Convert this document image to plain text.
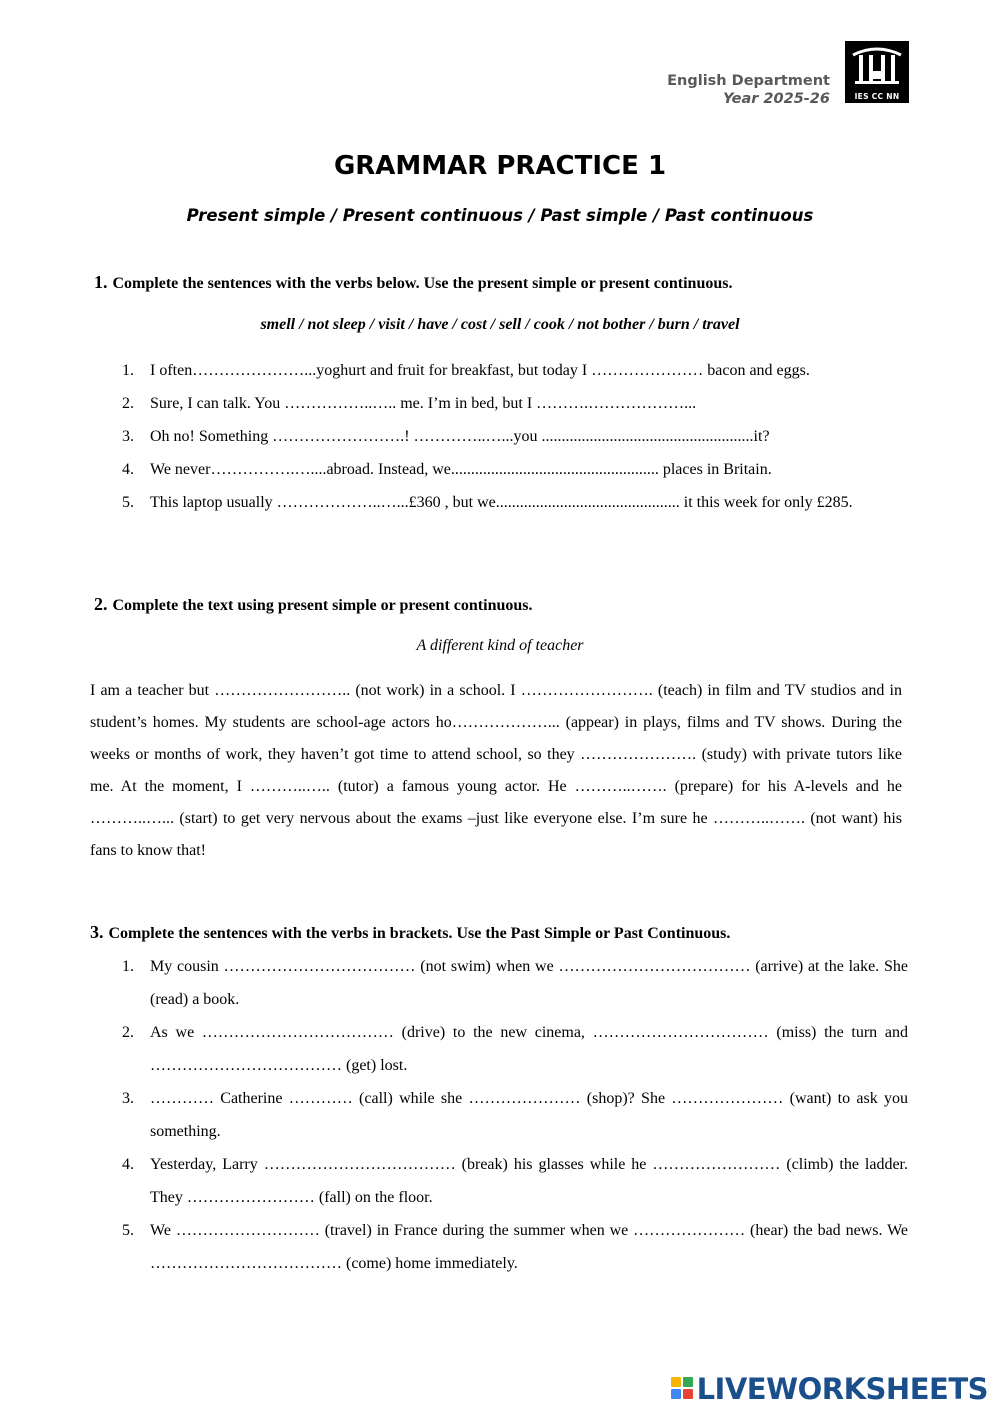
English Department
Year 2025-26	IES CC NN
GRAMMAR PRACTICE 1
Present simple / Present continuous / Past simple / Past continuous
1. Complete the sentences with the verbs below. Use the present simple or present continuous.
smell / not sleep / visit / have / cost / sell / cook / not bother / burn / travel
1. I often…………………...yoghurt and fruit for breakfast, but today I ………………… bacon and eggs.
2. Sure, I can talk. You ……………..….. me. I’m in bed, but I ……….………………...
3. Oh no! Something …………………….! …………..…...you .....................................................it?
4. We never…………….…....abroad. Instead, we.................................................... places in Britain.
5. This laptop usually ………………..…...£360 , but we.............................................. it this week for only £285.
2. Complete the text using present simple or present continuous.
A different kind of teacher
I am a teacher but …………………….. (not work) in a school. I ……………………. (teach) in film and TV studios and in student’s homes. My students are school-age actors ho………………... (appear) in plays, films and TV shows. During the weeks or months of work, they haven’t got time to attend school, so they …………………. (study) with private tutors like me. At the moment, I ………..….. (tutor) a famous young actor. He ………..……. (prepare) for his A-levels and he ………..…... (start) to get very nervous about the exams –just like everyone else. I’m sure he ………..……. (not want) his fans to know that!
3. Complete the sentences with the verbs in brackets. Use the Past Simple or Past Continuous.
1. My cousin ……………………………… (not swim) when we ……………………………… (arrive) at the lake. She (read) a book.
2. As we ……………………………… (drive) to the new cinema, …………………………… (miss) the turn and ……………………………… (get) lost.
3. ………… Catherine ………… (call) while she ………………… (shop)? She ………………… (want) to ask you something.
4. Yesterday, Larry ……………………………… (break) his glasses while he …………………… (climb) the ladder. They …………………… (fall) on the floor.
5. We ……………………… (travel) in France during the summer when we ………………… (hear) the bad news. We ……………………………… (come) home immediately.
LIVEWORKSHEETS
